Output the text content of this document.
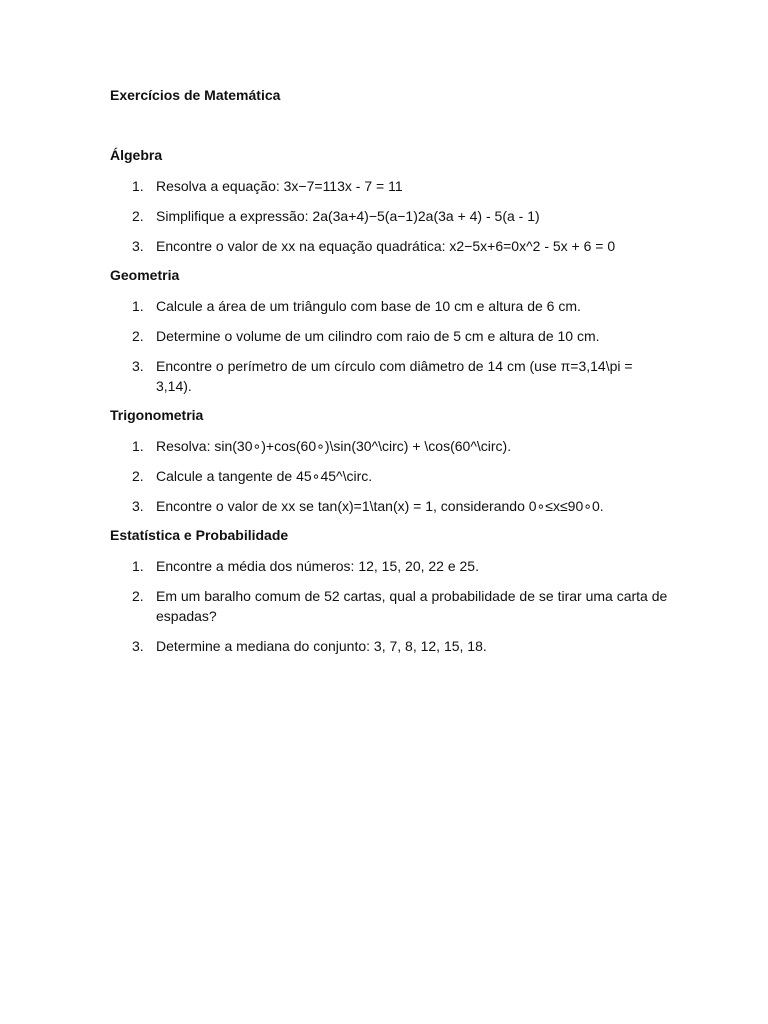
Exercícios de Matemática
Álgebra
1. Resolva a equação: 3x−7=113x - 7 = 11
2. Simplifique a expressão: 2a(3a+4)−5(a−1)2a(3a + 4) - 5(a - 1)
3. Encontre o valor de xx na equação quadrática: x2−5x+6=0x^2 - 5x + 6 = 0
Geometria
1. Calcule a área de um triângulo com base de 10 cm e altura de 6 cm.
2. Determine o volume de um cilindro com raio de 5 cm e altura de 10 cm.
3. Encontre o perímetro de um círculo com diâmetro de 14 cm (use π=3,14\pi = 3,14).
Trigonometria
1. Resolva: sin(30∘)+cos(60∘)\sin(30^\circ) + \cos(60^\circ).
2. Calcule a tangente de 45∘45^\circ.
3. Encontre o valor de xx se tan(x)=1\tan(x) = 1, considerando 0∘≤x≤90∘0.
Estatística e Probabilidade
1. Encontre a média dos números: 12, 15, 20, 22 e 25.
2. Em um baralho comum de 52 cartas, qual a probabilidade de se tirar uma carta de espadas?
3. Determine a mediana do conjunto: 3, 7, 8, 12, 15, 18.
